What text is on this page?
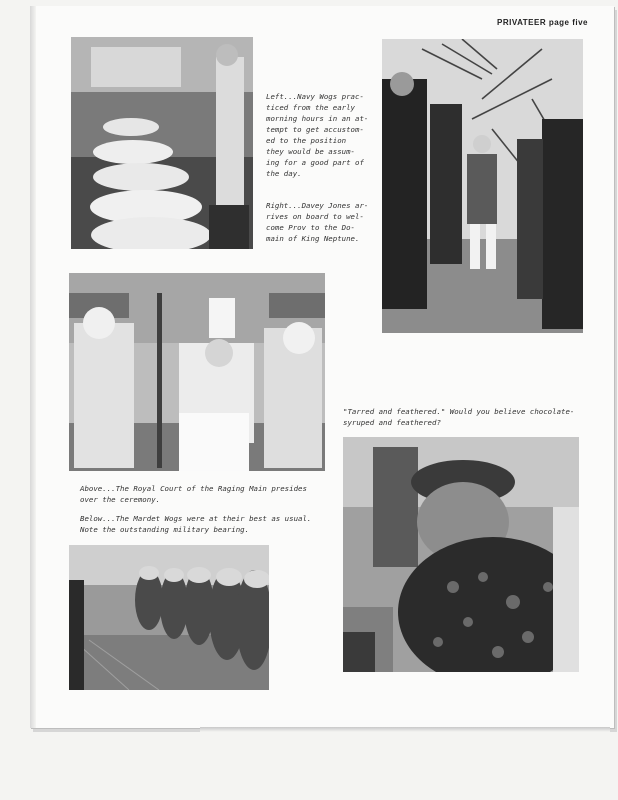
PRIVATEER page five

Left...Navy Wogs prac-
ticed from the early
morning hours in an at-
tempt to get accustom-
ed to the position
they would be assum-
ing for a good part of
the day.

Right...Davey Jones ar-
rives on board to wel-
come Prov to the Do-
main of King Neptune.

"Tarred and feathered." Would you believe chocolate-
syruped and feathered?
Above...The Royal Court of the Raging Main presides
over the ceremony.
Below...The Mardet Wogs were at their best as usual.
Note the outstanding military bearing.
